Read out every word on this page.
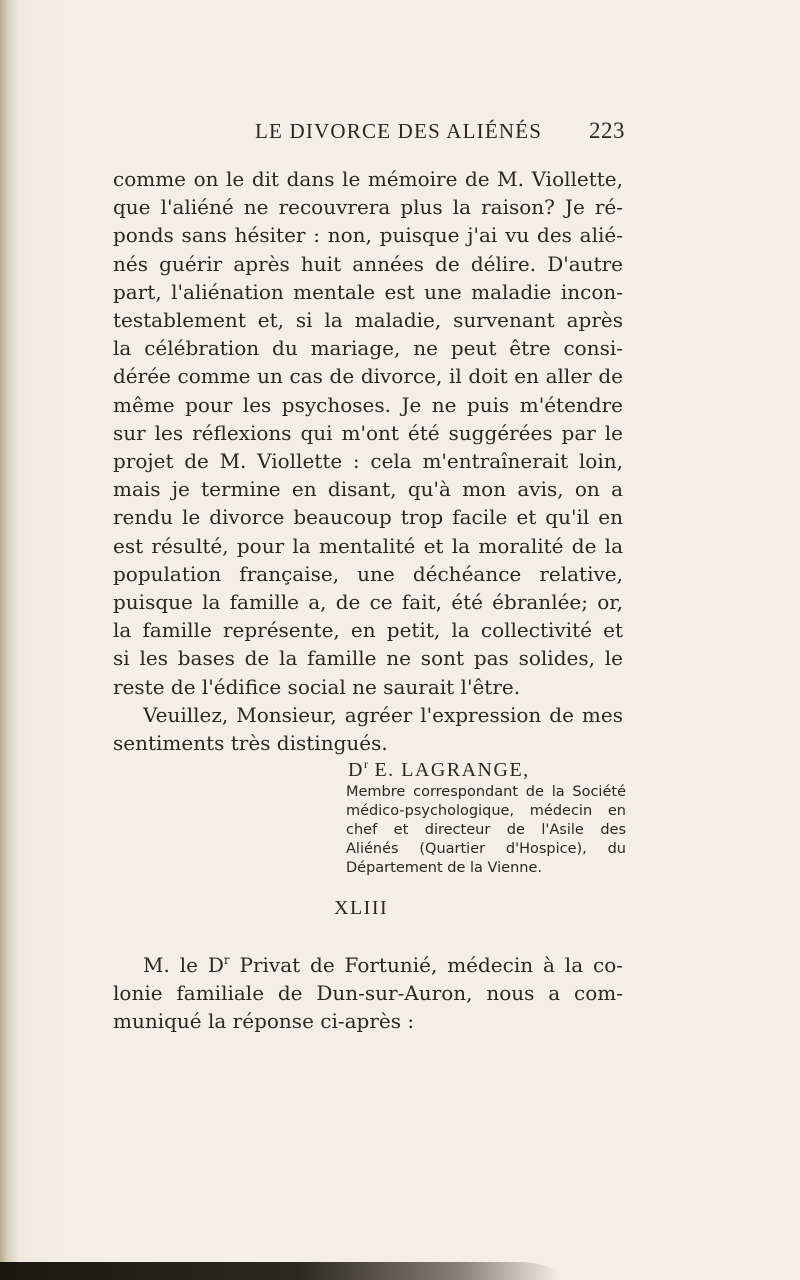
LE DIVORCE DES ALIÉNÉS 223
comme on le dit dans le mémoire de M. Viollette,
que l'aliéné ne recouvrera plus la raison? Je ré-
ponds sans hésiter : non, puisque j'ai vu des alié-
nés guérir après huit années de délire. D'autre
part, l'aliénation mentale est une maladie incon-
testablement et, si la maladie, survenant après
la célébration du mariage, ne peut être consi-
dérée comme un cas de divorce, il doit en aller de
même pour les psychoses. Je ne puis m'étendre
sur les réflexions qui m'ont été suggérées par le
projet de M. Viollette : cela m'entraînerait loin,
mais je termine en disant, qu'à mon avis, on a
rendu le divorce beaucoup trop facile et qu'il en
est résulté, pour la mentalité et la moralité de la
population française, une déchéance relative,
puisque la famille a, de ce fait, été ébranlée; or,
la famille représente, en petit, la collectivité et
si les bases de la famille ne sont pas solides, le
reste de l'édifice social ne saurait l'être.
Veuillez, Monsieur, agréer l'expression de mes
sentiments très distingués.
$D^r$ E. LAGRANGE,
Membre correspondant de la Société
médico-psychologique, médecin en
chef et directeur de l'Asile des
Aliénés (Quartier d'Hospice), du
Département de la Vienne.
XLIII
M. le $D^r$ Privat de Fortunié, médecin à la co-
lonie familiale de Dun-sur-Auron, nous a com-
muniqué la réponse ci-après :
